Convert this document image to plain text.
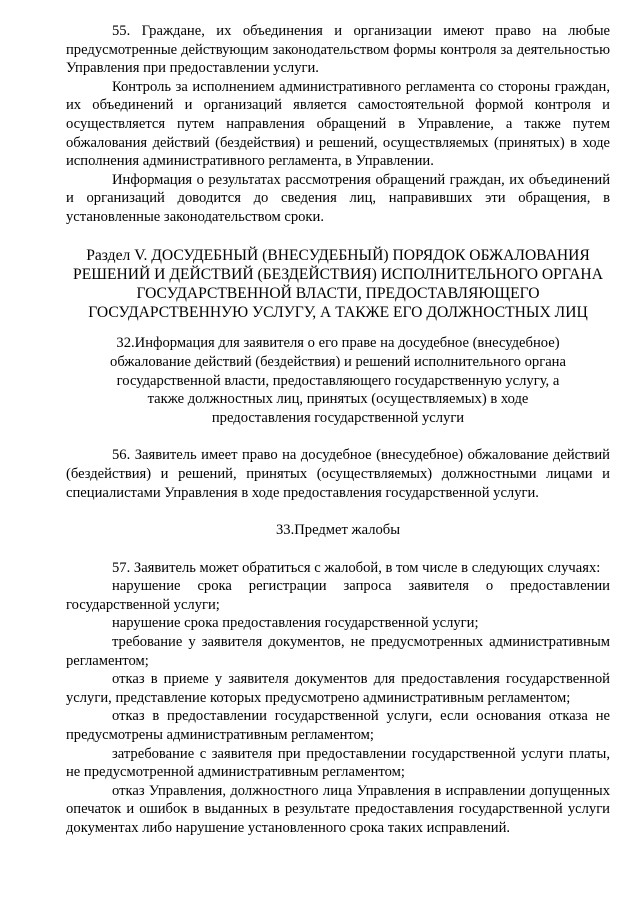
55. Граждане, их объединения и организации имеют право на любые предусмотренные действующим законодательством формы контроля за деятельностью Управления при предоставлении услуги.

Контроль за исполнением административного регламента со стороны граждан, их объединений и организаций является самостоятельной формой контроля и осуществляется путем направления обращений в Управление, а также путем обжалования действий (бездействия) и решений, осуществляемых (принятых) в ходе исполнения административного регламента, в Управлении.

Информация о результатах рассмотрения обращений граждан, их объединений и организаций доводится до сведения лиц, направивших эти обращения, в установленные законодательством сроки.

Раздел V. ДОСУДЕБНЫЙ (ВНЕСУДЕБНЫЙ) ПОРЯДОК ОБЖАЛОВАНИЯ РЕШЕНИЙ И ДЕЙСТВИЙ (БЕЗДЕЙСТВИЯ) ИСПОЛНИТЕЛЬНОГО ОРГАНА ГОСУДАРСТВЕННОЙ ВЛАСТИ, ПРЕДОСТАВЛЯЮЩЕГО ГОСУДАРСТВЕННУЮ УСЛУГУ, А ТАКЖЕ ЕГО ДОЛЖНОСТНЫХ ЛИЦ

32.Информация для заявителя о его праве на досудебное (внесудебное) обжалование действий (бездействия) и решений исполнительного органа государственной власти, предоставляющего государственную услугу, а также должностных лиц, принятых (осуществляемых) в ходе предоставления государственной услуги

56. Заявитель имеет право на досудебное (внесудебное) обжалование действий (бездействия) и решений, принятых (осуществляемых) должностными лицами и специалистами Управления в ходе предоставления государственной услуги.

33.Предмет жалобы

57. Заявитель может обратиться с жалобой, в том числе в следующих случаях:

нарушение срока регистрации запроса заявителя о предоставлении государственной услуги;

нарушение срока предоставления государственной услуги;

требование у заявителя документов, не предусмотренных административным регламентом;

отказ в приеме у заявителя документов для предоставления государственной услуги, представление которых предусмотрено административным регламентом;

отказ в предоставлении государственной услуги, если основания отказа не предусмотрены административным регламентом;

затребование с заявителя при предоставлении государственной услуги платы, не предусмотренной административным регламентом;

отказ Управления, должностного лица Управления в исправлении допущенных опечаток и ошибок в выданных в результате предоставления государственной услуги документах либо нарушение установленного срока таких исправлений.
